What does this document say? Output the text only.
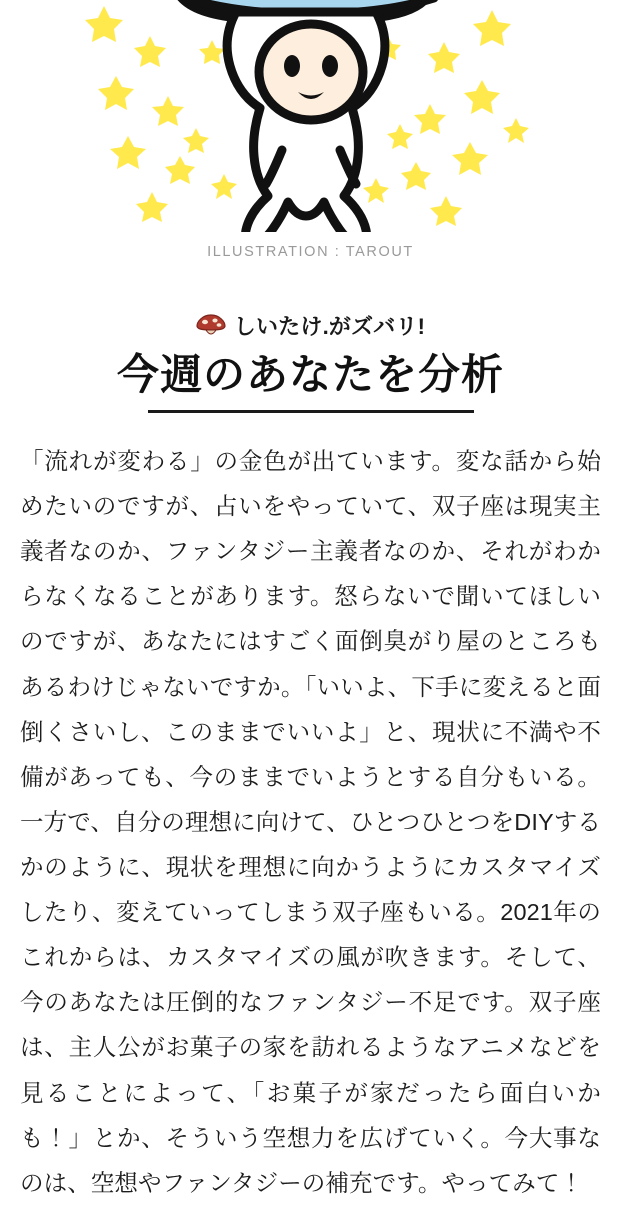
ILLUSTRATION : TAROUT
しいたけ.がズバリ!
今週のあなたを分析

「流れが変わる」の金色が出ています。変な話から始めたいのですが、占いをやっていて、双子座は現実主義者なのか、ファンタジー主義者なのか、それがわからなくなることがあります。怒らないで聞いてほしいのですが、あなたにはすごく面倒臭がり屋のところもあるわけじゃないですか。「いいよ、下手に変えると面倒くさいし、このままでいいよ」と、現状に不満や不備があっても、今のままでいようとする自分もいる。一方で、自分の理想に向けて、ひとつひとつをDIYするかのように、現状を理想に向かうようにカスタマイズしたり、変えていってしまう双子座もいる。2021年のこれからは、カスタマイズの風が吹きます。そして、今のあなたは圧倒的なファンタジー不足です。双子座は、主人公がお菓子の家を訪れるようなアニメなどを見ることによって、「お菓子が家だったら面白いかも！」とか、そういう空想力を広げていく。今大事なのは、空想やファンタジーの補充です。やってみて！
